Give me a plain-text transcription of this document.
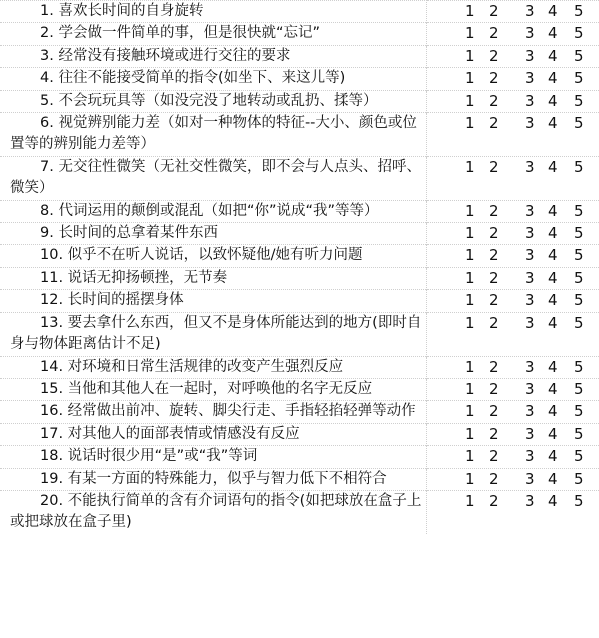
1. 喜欢长时间的自身旋转	1 2 3 4 5

2. 学会做一件简单的事，但是很快就“忘记”	1 2 3 4 5

3. 经常没有接触环境或进行交往的要求	1 2 3 4 5

4. 往往不能接受简单的指令(如坐下、来这儿等)	1 2 3 4 5

5. 不会玩玩具等（如没完没了地转动或乱扔、揉等）	1 2 3 4 5

6. 视觉辨别能力差（如对一种物体的特征--大小、颜色或位置等的辨别能力差等）	1 2 3 4 5

7. 无交往性微笑（无社交性微笑，即不会与人点头、招呼、微笑）	1 2 3 4 5

8. 代词运用的颠倒或混乱（如把“你”说成“我”等等）	1 2 3 4 5

9. 长时间的总拿着某件东西	1 2 3 4 5

10. 似乎不在听人说话，以致怀疑他/她有听力问题	1 2 3 4 5

11. 说话无抑扬顿挫，无节奏	1 2 3 4 5

12. 长时间的摇摆身体	1 2 3 4 5

13. 要去拿什么东西，但又不是身体所能达到的地方(即时自身与物体距离估计不足)	1 2 3 4 5

14. 对环境和日常生活规律的改变产生强烈反应	1 2 3 4 5

15. 当他和其他人在一起时，对呼唤他的名字无反应	1 2 3 4 5

16. 经常做出前冲、旋转、脚尖行走、手指轻掐轻弹等动作	1 2 3 4 5

17. 对其他人的面部表情或情感没有反应	1 2 3 4 5

18. 说话时很少用“是”或“我”等词	1 2 3 4 5

19. 有某一方面的特殊能力，似乎与智力低下不相符合	1 2 3 4 5

20. 不能执行简单的含有介词语句的指令(如把球放在盒子上或把球放在盒子里)	1 2 3 4 5
